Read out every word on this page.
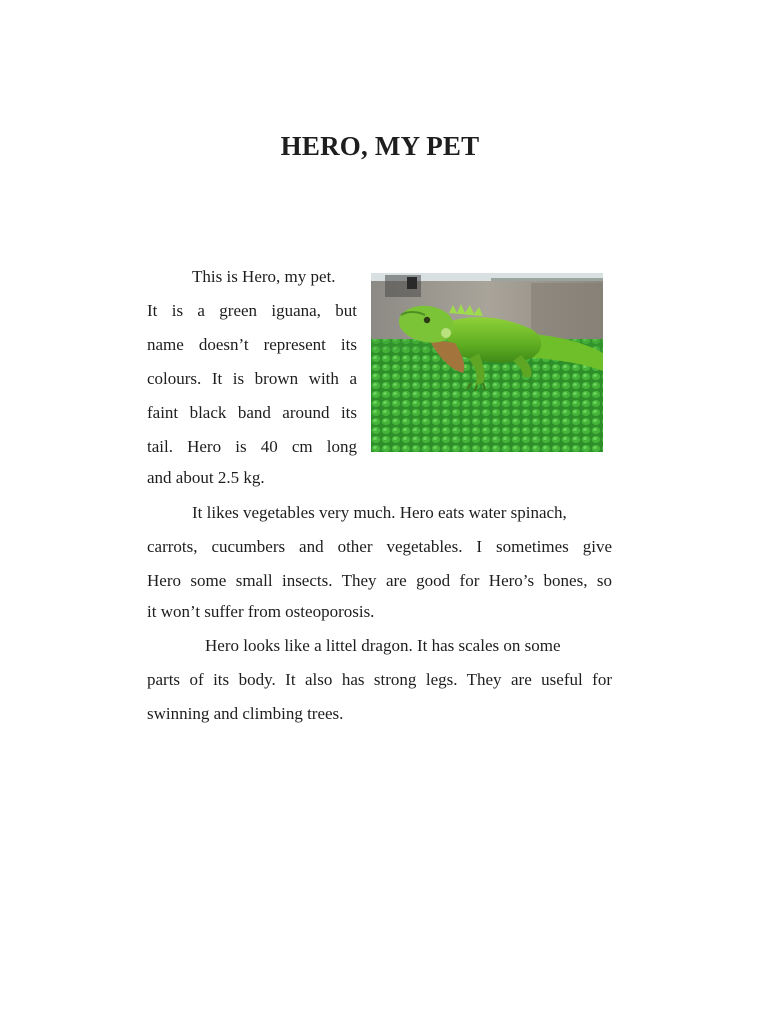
HERO, MY PET
This is Hero, my pet.
It is a green iguana, but
name doesn’t represent its
colours. It is brown with a
faint black band around its
tail. Hero is 40 cm long
and about 2.5 kg.
It likes vegetables very much. Hero eats water spinach,
carrots, cucumbers and other vegetables. I sometimes give
Hero some small insects. They are good for Hero’s bones, so
it won’t suffer from osteoporosis.
Hero looks like a littel dragon. It has scales on some
parts of its body. It also has strong legs. They are useful for
swinning and climbing trees.
